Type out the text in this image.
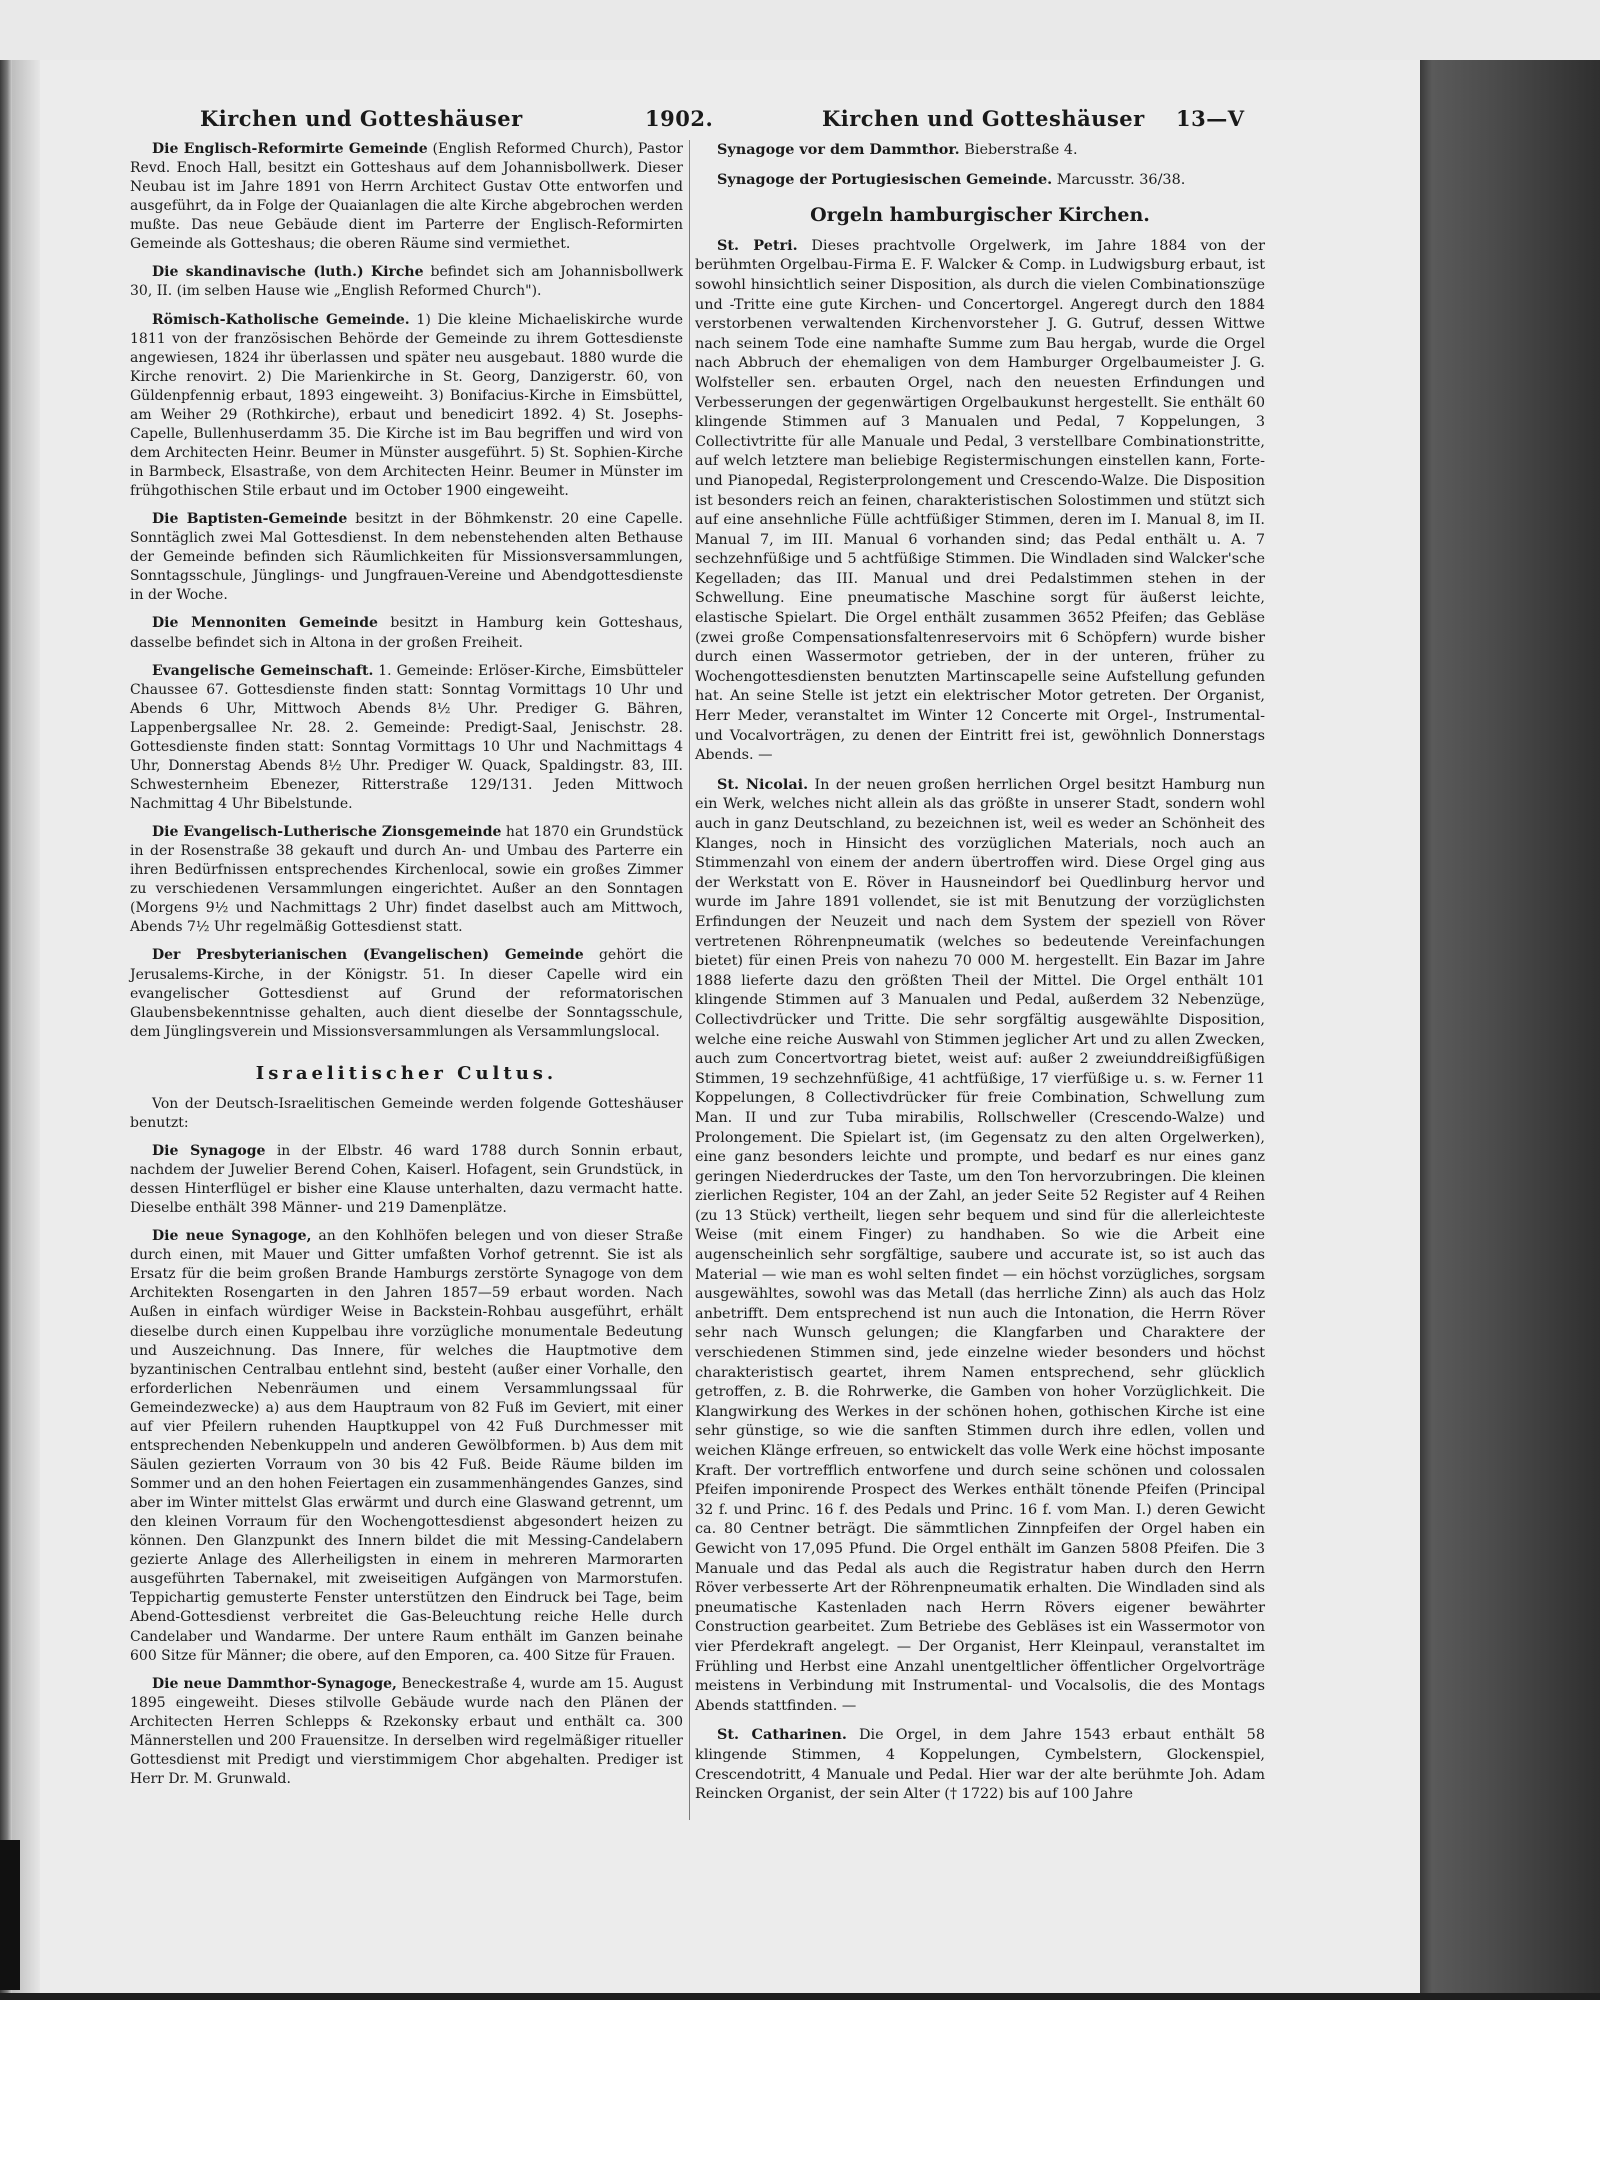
Kirchen und Gotteshäuser	1902.	Kirchen und Gotteshäuser 13—V

Die Englisch-Reformirte Gemeinde (English Reformed Church), Pastor Revd. Enoch Hall, besitzt ein Gotteshaus auf dem Johannisbollwerk. Dieser Neubau ist im Jahre 1891 von Herrn Architect Gustav Otte entworfen und ausgeführt, da in Folge der Quaianlagen die alte Kirche abgebrochen werden mußte. Das neue Gebäude dient im Parterre der Englisch-Reformirten Gemeinde als Gotteshaus; die oberen Räume sind vermiethet.

Die skandinavische (luth.) Kirche befindet sich am Johannisbollwerk 30, II. (im selben Hause wie „English Reformed Church").

Römisch-Katholische Gemeinde. 1) Die kleine Michaeliskirche wurde 1811 von der französischen Behörde der Gemeinde zu ihrem Gottesdienste angewiesen, 1824 ihr überlassen und später neu ausgebaut. 1880 wurde die Kirche renovirt. 2) Die Marienkirche in St. Georg, Danzigerstr. 60, von Güldenpfennig erbaut, 1893 eingeweiht. 3) Bonifacius-Kirche in Eimsbüttel, am Weiher 29 (Rothkirche), erbaut und benedicirt 1892. 4) St. Josephs-Capelle, Bullenhuserdamm 35. Die Kirche ist im Bau begriffen und wird von dem Architecten Heinr. Beumer in Münster ausgeführt. 5) St. Sophien-Kirche in Barmbeck, Elsastraße, von dem Architecten Heinr. Beumer in Münster im frühgothischen Stile erbaut und im October 1900 eingeweiht.

Die Baptisten-Gemeinde besitzt in der Böhmkenstr. 20 eine Capelle. Sonntäglich zwei Mal Gottesdienst. In dem nebenstehenden alten Bethause der Gemeinde befinden sich Räumlichkeiten für Missionsversammlungen, Sonntagsschule, Jünglings- und Jungfrauen-Vereine und Abendgottesdienste in der Woche.

Die Mennoniten Gemeinde besitzt in Hamburg kein Gotteshaus, dasselbe befindet sich in Altona in der großen Freiheit.

Evangelische Gemeinschaft. 1. Gemeinde: Erlöser-Kirche, Eimsbütteler Chaussee 67. Gottesdienste finden statt: Sonntag Vormittags 10 Uhr und Abends 6 Uhr, Mittwoch Abends 8½ Uhr. Prediger G. Bähren, Lappenbergsallee Nr. 28. 2. Gemeinde: Predigt-Saal, Jenischstr. 28. Gottesdienste finden statt: Sonntag Vormittags 10 Uhr und Nachmittags 4 Uhr, Donnerstag Abends 8½ Uhr. Prediger W. Quack, Spaldingstr. 83, III. Schwesternheim Ebenezer, Ritterstraße 129/131. Jeden Mittwoch Nachmittag 4 Uhr Bibelstunde.

Die Evangelisch-Lutherische Zionsgemeinde hat 1870 ein Grundstück in der Rosenstraße 38 gekauft und durch An- und Umbau des Parterre ein ihren Bedürfnissen entsprechendes Kirchenlocal, sowie ein großes Zimmer zu verschiedenen Versammlungen eingerichtet. Außer an den Sonntagen (Morgens 9½ und Nachmittags 2 Uhr) findet daselbst auch am Mittwoch, Abends 7½ Uhr regelmäßig Gottesdienst statt.

Der Presbyterianischen (Evangelischen) Gemeinde gehört die Jerusalems-Kirche, in der Königstr. 51. In dieser Capelle wird ein evangelischer Gottesdienst auf Grund der reformatorischen Glaubensbekenntnisse gehalten, auch dient dieselbe der Sonntagsschule, dem Jünglingsverein und Missionsversammlungen als Versammlungslocal.

Israelitischer Cultus.

Von der Deutsch-Israelitischen Gemeinde werden folgende Gotteshäuser benutzt:

Die Synagoge in der Elbstr. 46 ward 1788 durch Sonnin erbaut, nachdem der Juwelier Berend Cohen, Kaiserl. Hofagent, sein Grundstück, in dessen Hinterflügel er bisher eine Klause unterhalten, dazu vermacht hatte. Dieselbe enthält 398 Männer- und 219 Damenplätze.

Die neue Synagoge, an den Kohlhöfen belegen und von dieser Straße durch einen, mit Mauer und Gitter umfaßten Vorhof getrennt. Sie ist als Ersatz für die beim großen Brande Hamburgs zerstörte Synagoge von dem Architekten Rosengarten in den Jahren 1857—59 erbaut worden. Nach Außen in einfach würdiger Weise in Backstein-Rohbau ausgeführt, erhält dieselbe durch einen Kuppelbau ihre vorzügliche monumentale Bedeutung und Auszeichnung. Das Innere, für welches die Hauptmotive dem byzantinischen Centralbau entlehnt sind, besteht (außer einer Vorhalle, den erforderlichen Nebenräumen und einem Versammlungssaal für Gemeindezwecke) a) aus dem Hauptraum von 82 Fuß im Geviert, mit einer auf vier Pfeilern ruhenden Hauptkuppel von 42 Fuß Durchmesser mit entsprechenden Nebenkuppeln und anderen Gewölbformen. b) Aus dem mit Säulen gezierten Vorraum von 30 bis 42 Fuß. Beide Räume bilden im Sommer und an den hohen Feiertagen ein zusammenhängendes Ganzes, sind aber im Winter mittelst Glas erwärmt und durch eine Glaswand getrennt, um den kleinen Vorraum für den Wochengottesdienst abgesondert heizen zu können. Den Glanzpunkt des Innern bildet die mit Messing-Candelabern gezierte Anlage des Allerheiligsten in einem in mehreren Marmorarten ausgeführten Tabernakel, mit zweiseitigen Aufgängen von Marmorstufen. Teppichartig gemusterte Fenster unterstützen den Eindruck bei Tage, beim Abend-Gottesdienst verbreitet die Gas-Beleuchtung reiche Helle durch Candelaber und Wandarme. Der untere Raum enthält im Ganzen beinahe 600 Sitze für Männer; die obere, auf den Emporen, ca. 400 Sitze für Frauen.

Die neue Dammthor-Synagoge, Beneckestraße 4, wurde am 15. August 1895 eingeweiht. Dieses stilvolle Gebäude wurde nach den Plänen der Architecten Herren Schlepps & Rzekonsky erbaut und enthält ca. 300 Männerstellen und 200 Frauensitze. In derselben wird regelmäßiger ritueller Gottesdienst mit Predigt und vierstimmigem Chor abgehalten. Prediger ist Herr Dr. M. Grunwald.

Synagoge vor dem Dammthor. Bieberstraße 4.

Synagoge der Portugiesischen Gemeinde. Marcusstr. 36/38.

Orgeln hamburgischer Kirchen.

St. Petri. Dieses prachtvolle Orgelwerk, im Jahre 1884 von der berühmten Orgelbau-Firma E. F. Walcker & Comp. in Ludwigsburg erbaut, ist sowohl hinsichtlich seiner Disposition, als durch die vielen Combinationszüge und -Tritte eine gute Kirchen- und Concertorgel. Angeregt durch den 1884 verstorbenen verwaltenden Kirchenvorsteher J. G. Gutruf, dessen Wittwe nach seinem Tode eine namhafte Summe zum Bau hergab, wurde die Orgel nach Abbruch der ehemaligen von dem Hamburger Orgelbaumeister J. G. Wolfsteller sen. erbauten Orgel, nach den neuesten Erfindungen und Verbesserungen der gegenwärtigen Orgelbaukunst hergestellt. Sie enthält 60 klingende Stimmen auf 3 Manualen und Pedal, 7 Koppelungen, 3 Collectivtritte für alle Manuale und Pedal, 3 verstellbare Combinationstritte, auf welch letztere man beliebige Registermischungen einstellen kann, Forte- und Pianopedal, Registerprolongement und Crescendo-Walze. Die Disposition ist besonders reich an feinen, charakteristischen Solostimmen und stützt sich auf eine ansehnliche Fülle achtfüßiger Stimmen, deren im I. Manual 8, im II. Manual 7, im III. Manual 6 vorhanden sind; das Pedal enthält u. A. 7 sechzehnfüßige und 5 achtfüßige Stimmen. Die Windladen sind Walcker'sche Kegelladen; das III. Manual und drei Pedalstimmen stehen in der Schwellung. Eine pneumatische Maschine sorgt für äußerst leichte, elastische Spielart. Die Orgel enthält zusammen 3652 Pfeifen; das Gebläse (zwei große Compensationsfaltenreservoirs mit 6 Schöpfern) wurde bisher durch einen Wassermotor getrieben, der in der unteren, früher zu Wochengottesdiensten benutzten Martinscapelle seine Aufstellung gefunden hat. An seine Stelle ist jetzt ein elektrischer Motor getreten. Der Organist, Herr Meder, veranstaltet im Winter 12 Concerte mit Orgel-, Instrumental- und Vocalvorträgen, zu denen der Eintritt frei ist, gewöhnlich Donnerstags Abends. —

St. Nicolai. In der neuen großen herrlichen Orgel besitzt Hamburg nun ein Werk, welches nicht allein als das größte in unserer Stadt, sondern wohl auch in ganz Deutschland, zu bezeichnen ist, weil es weder an Schönheit des Klanges, noch in Hinsicht des vorzüglichen Materials, noch auch an Stimmenzahl von einem der andern übertroffen wird. Diese Orgel ging aus der Werkstatt von E. Röver in Hausneindorf bei Quedlinburg hervor und wurde im Jahre 1891 vollendet, sie ist mit Benutzung der vorzüglichsten Erfindungen der Neuzeit und nach dem System der speziell von Röver vertretenen Röhrenpneumatik (welches so bedeutende Vereinfachungen bietet) für einen Preis von nahezu 70 000 M. hergestellt. Ein Bazar im Jahre 1888 lieferte dazu den größten Theil der Mittel. Die Orgel enthält 101 klingende Stimmen auf 3 Manualen und Pedal, außerdem 32 Nebenzüge, Collectivdrücker und Tritte. Die sehr sorgfältig ausgewählte Disposition, welche eine reiche Auswahl von Stimmen jeglicher Art und zu allen Zwecken, auch zum Concertvortrag bietet, weist auf: außer 2 zweiunddreißigfüßigen Stimmen, 19 sechzehnfüßige, 41 achtfüßige, 17 vierfüßige u. s. w. Ferner 11 Koppelungen, 8 Collectivdrücker für freie Combination, Schwellung zum Man. II und zur Tuba mirabilis, Rollschweller (Crescendo-Walze) und Prolongement. Die Spielart ist, (im Gegensatz zu den alten Orgelwerken), eine ganz besonders leichte und prompte, und bedarf es nur eines ganz geringen Niederdruckes der Taste, um den Ton hervorzubringen. Die kleinen zierlichen Register, 104 an der Zahl, an jeder Seite 52 Register auf 4 Reihen (zu 13 Stück) vertheilt, liegen sehr bequem und sind für die allerleichteste Weise (mit einem Finger) zu handhaben. So wie die Arbeit eine augenscheinlich sehr sorgfältige, saubere und accurate ist, so ist auch das Material — wie man es wohl selten findet — ein höchst vorzügliches, sorgsam ausgewähltes, sowohl was das Metall (das herrliche Zinn) als auch das Holz anbetrifft. Dem entsprechend ist nun auch die Intonation, die Herrn Röver sehr nach Wunsch gelungen; die Klangfarben und Charaktere der verschiedenen Stimmen sind, jede einzelne wieder besonders und höchst charakteristisch geartet, ihrem Namen entsprechend, sehr glücklich getroffen, z. B. die Rohrwerke, die Gamben von hoher Vorzüglichkeit. Die Klangwirkung des Werkes in der schönen hohen, gothischen Kirche ist eine sehr günstige, so wie die sanften Stimmen durch ihre edlen, vollen und weichen Klänge erfreuen, so entwickelt das volle Werk eine höchst imposante Kraft. Der vortrefflich entworfene und durch seine schönen und colossalen Pfeifen imponirende Prospect des Werkes enthält tönende Pfeifen (Principal 32 f. und Princ. 16 f. des Pedals und Princ. 16 f. vom Man. I.) deren Gewicht ca. 80 Centner beträgt. Die sämmtlichen Zinnpfeifen der Orgel haben ein Gewicht von 17,095 Pfund. Die Orgel enthält im Ganzen 5808 Pfeifen. Die 3 Manuale und das Pedal als auch die Registratur haben durch den Herrn Röver verbesserte Art der Röhrenpneumatik erhalten. Die Windladen sind als pneumatische Kastenladen nach Herrn Rövers eigener bewährter Construction gearbeitet. Zum Betriebe des Gebläses ist ein Wassermotor von vier Pferdekraft angelegt. — Der Organist, Herr Kleinpaul, veranstaltet im Frühling und Herbst eine Anzahl unentgeltlicher öffentlicher Orgelvorträge meistens in Verbindung mit Instrumental- und Vocalsolis, die des Montags Abends stattfinden. —

St. Catharinen. Die Orgel, in dem Jahre 1543 erbaut enthält 58 klingende Stimmen, 4 Koppelungen, Cymbelstern, Glockenspiel, Crescendotritt, 4 Manuale und Pedal. Hier war der alte berühmte Joh. Adam Reincken Organist, der sein Alter († 1722) bis auf 100 Jahre
